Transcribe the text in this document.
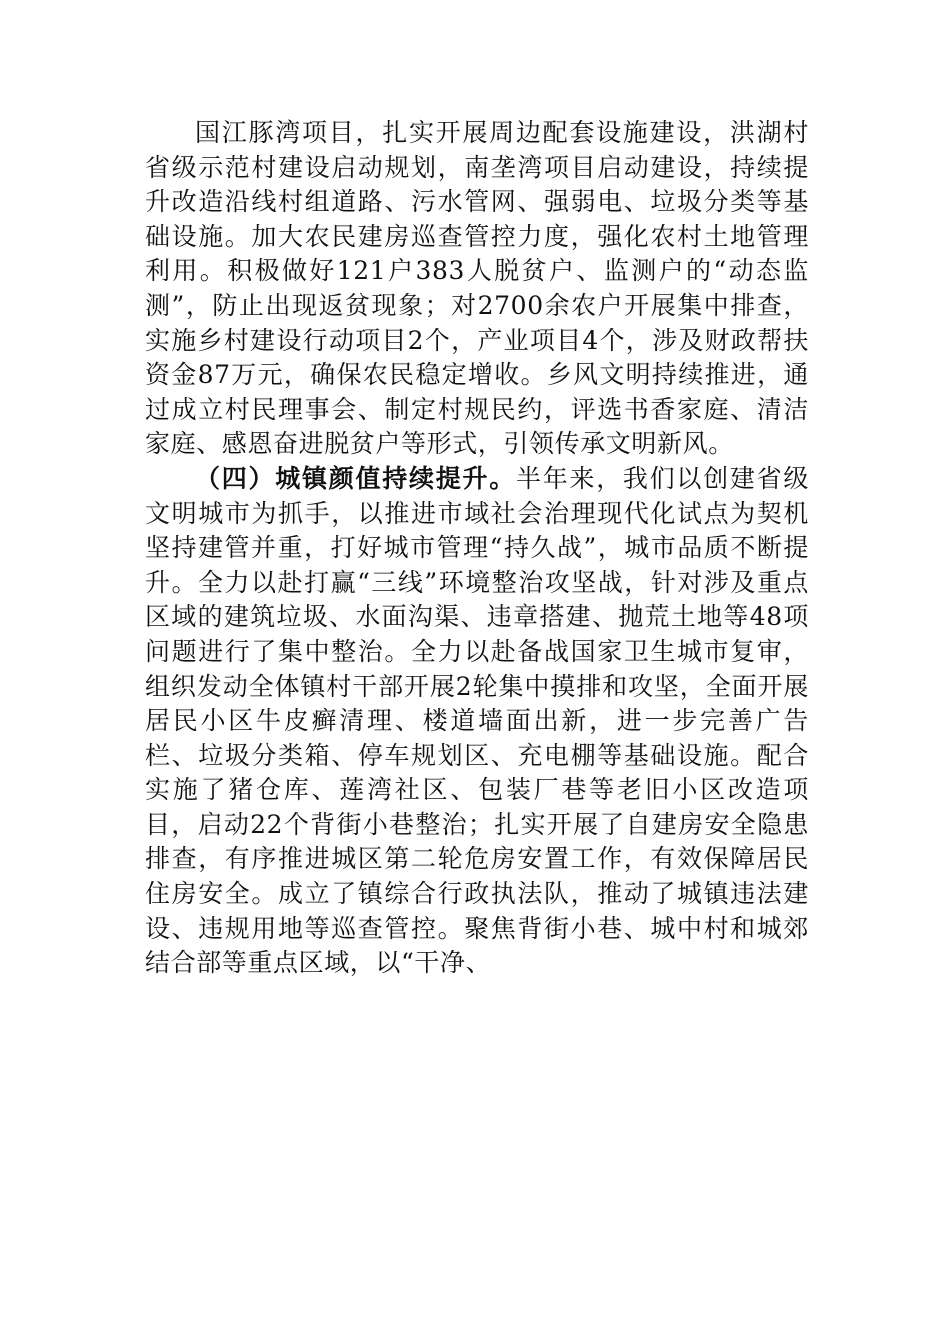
国江豚湾项目，扎实开展周边配套设施建设，洪湖村省级示范村建设启动规划，南垄湾项目启动建设，持续提升改造沿线村组道路、污水管网、强弱电、垃圾分类等基础设施。加大农民建房巡查管控力度，强化农村土地管理利用。积极做好121户383人脱贫户、监测户的“动态监测”，防止出现返贫现象；对2700余农户开展集中排查，实施乡村建设行动项目2个，产业项目4个，涉及财政帮扶资金87万元，确保农民稳定增收。乡风文明持续推进，通过成立村民理事会、制定村规民约，评选书香家庭、清洁家庭、感恩奋进脱贫户等形式，引领传承文明新风。

（四）城镇颜值持续提升。半年来，我们以创建省级文明城市为抓手，以推进市域社会治理现代化试点为契机坚持建管并重，打好城市管理“持久战”，城市品质不断提升。全力以赴打赢“三线”环境整治攻坚战，针对涉及重点区域的建筑垃圾、水面沟渠、违章搭建、抛荒土地等48项问题进行了集中整治。全力以赴备战国家卫生城市复审，组织发动全体镇村干部开展2轮集中摸排和攻坚，全面开展居民小区牛皮癣清理、楼道墙面出新，进一步完善广告栏、垃圾分类箱、停车规划区、充电棚等基础设施。配合实施了猪仓库、莲湾社区、包装厂巷等老旧小区改造项目，启动22个背街小巷整治；扎实开展了自建房安全隐患排查，有序推进城区第二轮危房安置工作，有效保障居民住房安全。成立了镇综合行政执法队，推动了城镇违法建设、违规用地等巡查管控。聚焦背街小巷、城中村和城郊结合部等重点区域，以“干净、
